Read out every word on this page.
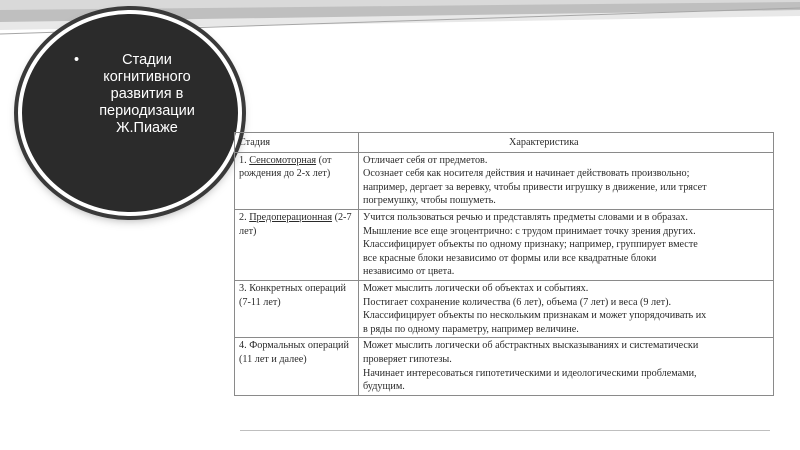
•	Стадии когнитивного развития в периодизации Ж.Пиаже
Стадия	Характеристика
1. Сенсомоторная (от рождения до 2-х лет)	Отличает себя от предметов.
Осознает себя как носителя действия и начинает действовать произвольно;
например, дергает за веревку, чтобы привести игрушку в движение, или трясет
погремушку, чтобы пошуметь.

2. Предоперационная (2-7 лет)	Учится пользоваться речью и представлять предметы словами и в образах.
Мышление все еще эгоцентрично: с трудом принимает точку зрения других.
Классифицирует объекты по одному признаку; например, группирует вместе
все красные блоки независимо от формы или все квадратные блоки
независимо от цвета.

3. Конкретных операций (7-11 лет)	Может мыслить логически об объектах и событиях.
Постигает сохранение количества (6 лет), объема (7 лет) и веса (9 лет).
Классифицирует объекты по нескольким признакам и может упорядочивать их
в ряды по одному параметру, например величине.

4. Формальных операций (11 лет и далее)	Может мыслить логически об абстрактных высказываниях и систематически
проверяет гипотезы.
Начинает интересоваться гипотетическими и идеологическими проблемами,
будущим.
